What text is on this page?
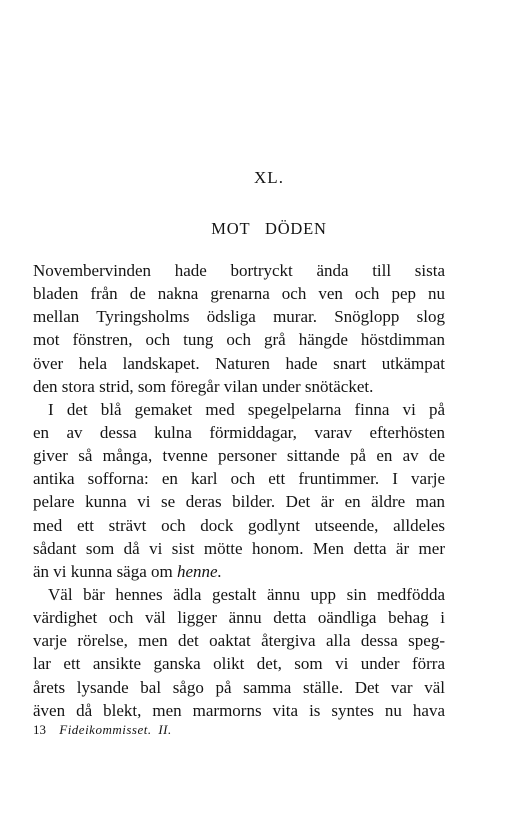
XL.
MOT DÖDEN
Novembervinden hade bortryckt ända till sista
bladen från de nakna grenarna och ven och pep nu
mellan Tyringsholms ödsliga murar. Snöglopp slog
mot fönstren, och tung och grå hängde höstdimman
över hela landskapet. Naturen hade snart utkämpat
den stora strid, som föregår vilan under snötäcket.
I det blå gemaket med spegelpelarna finna vi på
en av dessa kulna förmiddagar, varav efterhösten
giver så många, tvenne personer sittande på en av de
antika sofforna: en karl och ett fruntimmer. I varje
pelare kunna vi se deras bilder. Det är en äldre man
med ett strävt och dock godlynt utseende, alldeles
sådant som då vi sist mötte honom. Men detta är mer
än vi kunna säga om henne.
Väl bär hennes ädla gestalt ännu upp sin medfödda
värdighet och väl ligger ännu detta oändliga behag i
varje rörelse, men det oaktat återgiva alla dessa speg-
lar ett ansikte ganska olikt det, som vi under förra
årets lysande bal sågo på samma ställe. Det var väl
även då blekt, men marmorns vita is syntes nu hava
13 Fideikommisset. II.
